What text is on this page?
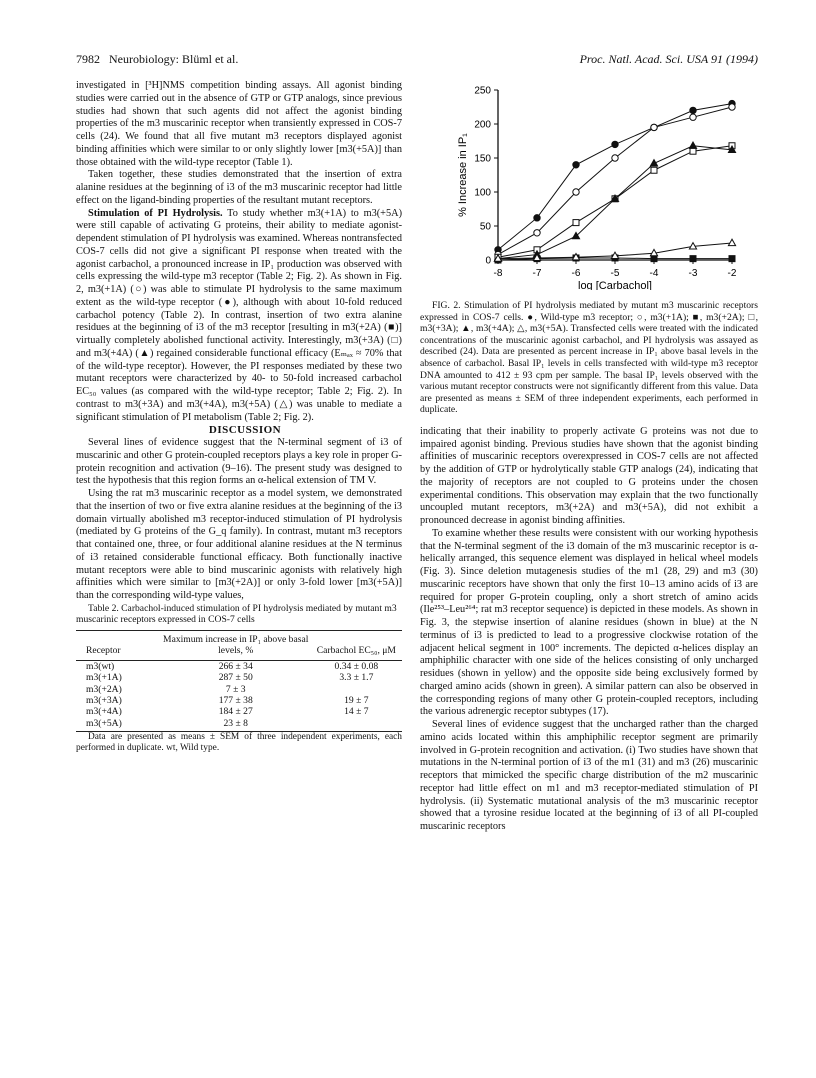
7982 Neurobiology: Blüml et al.	Proc. Natl. Acad. Sci. USA 91 (1994)

investigated in [³H]NMS competition binding assays. All agonist binding studies were carried out in the absence of GTP or GTP analogs, since previous studies had shown that such agents did not affect the agonist binding properties of the m3 muscarinic receptor when transiently expressed in COS-7 cells (24). We found that all five mutant m3 receptors displayed agonist binding affinities which were similar to or only slightly lower [m3(+5A)] than those obtained with the wild-type receptor (Table 1).

Taken together, these studies demonstrated that the insertion of extra alanine residues at the beginning of i3 of the m3 muscarinic receptor had little effect on the ligand-binding properties of the resultant mutant receptors.

Stimulation of PI Hydrolysis. To study whether m3(+1A) to m3(+5A) were still capable of activating G proteins, their ability to mediate agonist-dependent stimulation of PI hydrolysis was examined. Whereas nontransfected COS-7 cells did not give a significant PI response when treated with the agonist carbachol, a pronounced increase in IP₁ production was observed with cells expressing the wild-type m3 receptor (Table 2; Fig. 2). As shown in Fig. 2, m3(+1A) (○) was able to stimulate PI hydrolysis to the same maximum extent as the wild-type receptor (●), although with about 10-fold reduced carbachol potency (Table 2). In contrast, insertion of two extra alanine residues at the beginning of i3 of the m3 receptor [resulting in m3(+2A) (■)] virtually completely abolished functional activity. Interestingly, m3(+3A) (□) and m3(+4A) (▲) regained considerable functional efficacy (Eₘₐₓ ≈ 70% that of the wild-type receptor). However, the PI responses mediated by these two mutant receptors were characterized by 40- to 50-fold increased carbachol EC₅₀ values (as compared with the wild-type receptor; Table 2; Fig. 2). In contrast to m3(+3A) and m3(+4A), m3(+5A) (△) was unable to mediate a significant stimulation of PI metabolism (Table 2; Fig. 2).

DISCUSSION

Several lines of evidence suggest that the N-terminal segment of i3 of muscarinic and other G protein-coupled receptors plays a key role in proper G-protein recognition and activation (9–16). The present study was designed to test the hypothesis that this region forms an α-helical extension of TM V.

Using the rat m3 muscarinic receptor as a model system, we demonstrated that the insertion of two or five extra alanine residues at the beginning of the i3 domain virtually abolished m3 receptor-induced stimulation of PI hydrolysis (mediated by G proteins of the G_q family). In contrast, mutant m3 receptors that contained one, three, or four additional alanine residues at the N terminus of i3 retained considerable functional efficacy. Both functionally inactive mutant receptors were able to bind muscarinic agonists with relatively high affinities which were similar to [m3(+2A)] or only 3-fold lower [m3(+5A)] than the corresponding wild-type values,

Table 2. Carbachol-induced stimulation of PI hydrolysis mediated by mutant m3 muscarinic receptors expressed in COS-7 cells

Receptor	Maximum increase in IP₁ above basal levels, %	Carbachol EC₅₀, μM
m3(wt)	266 ± 34	0.34 ± 0.08
m3(+1A)	287 ± 50	3.3 ± 1.7
m3(+2A)	7 ± 3	
m3(+3A)	177 ± 38	19 ± 7
m3(+4A)	184 ± 27	14 ± 7
m3(+5A)	23 ± 8	

Data are presented as means ± SEM of three independent experiments, each performed in duplicate. wt, Wild type.

0
50
100
150
200
250
-8	-7	-6	-5	-4	-3	-2
log [Carbachol]
% Increase in IP₁

FIG. 2. Stimulation of PI hydrolysis mediated by mutant m3 muscarinic receptors expressed in COS-7 cells. ●, Wild-type m3 receptor; ○, m3(+1A); ■, m3(+2A); □, m3(+3A); ▲, m3(+4A); △, m3(+5A). Transfected cells were treated with the indicated concentrations of the muscarinic agonist carbachol, and PI hydrolysis was assayed as described (24). Data are presented as percent increase in IP₁ above basal levels in the absence of carbachol. Basal IP₁ levels in cells transfected with wild-type m3 receptor DNA amounted to 412 ± 93 cpm per sample. The basal IP₁ levels observed with the various mutant receptor constructs were not significantly different from this value. Data are presented as means ± SEM of three independent experiments, each performed in duplicate.

indicating that their inability to properly activate G proteins was not due to impaired agonist binding. Previous studies have shown that the agonist binding affinities of muscarinic receptors overexpressed in COS-7 cells are not affected by the addition of GTP or hydrolytically stable GTP analogs (24), indicating that the majority of receptors are not coupled to G proteins under the chosen experimental conditions. This observation may explain that the two functionally uncoupled mutant receptors, m3(+2A) and m3(+5A), did not exhibit a pronounced decrease in agonist binding affinities.

To examine whether these results were consistent with our working hypothesis that the N-terminal segment of the i3 domain of the m3 muscarinic receptor is α-helically arranged, this sequence element was displayed in helical wheel models (Fig. 3). Since deletion mutagenesis studies of the m1 (28, 29) and m3 (30) muscarinic receptors have shown that only the first 10–13 amino acids of i3 are required for proper G-protein coupling, only a short stretch of amino acids (Ile²⁵³–Leu²⁶⁴; rat m3 receptor sequence) is depicted in these models. As shown in Fig. 3, the stepwise insertion of alanine residues (shown in blue) at the N terminus of i3 is predicted to lead to a progressive clockwise rotation of the adjacent helical segment in 100° increments. The depicted α-helices display an amphiphilic character with one side of the helices consisting of only uncharged residues (shown in yellow) and the opposite side being exclusively formed by charged amino acids (shown in green). A similar pattern can also be observed in the corresponding regions of many other G protein-coupled receptors, including the various adrenergic receptor subtypes (17).

Several lines of evidence suggest that the uncharged rather than the charged amino acids located within this amphiphilic receptor segment are primarily involved in G-protein recognition and activation. (i) Two studies have shown that mutations in the N-terminal portion of i3 of the m1 (31) and m3 (26) muscarinic receptors that mimicked the specific charge distribution of the m2 muscarinic receptor had little effect on m1 and m3 receptor-mediated stimulation of PI hydrolysis. (ii) Systematic mutational analysis of the m3 muscarinic receptor showed that a tyrosine residue located at the beginning of i3 of all PI-coupled muscarinic receptors
